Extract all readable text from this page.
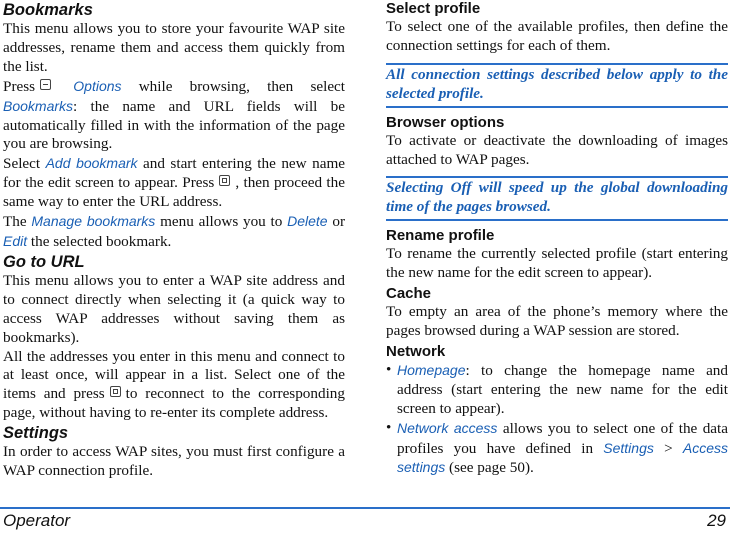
Bookmarks

This menu allows you to store your favourite WAP site addresses, rename them and access them quickly from the list.

Press	Options while browsing, then select Bookmarks: the name and URL fields will be automatically filled in with the information of the page you are browsing.

Select Add bookmark and start entering the new name for the edit screen to appear. Press , then proceed the same way to enter the URL address.

The Manage bookmarks menu allows you to Delete or Edit the selected bookmark.

Go to URL

This menu allows you to enter a WAP site address and to connect directly when selecting it (a quick way to access WAP addresses without saving them as bookmarks).

All the addresses you enter in this menu and connect to at least once, will appear in a list. Select one of the items and press to reconnect to the corresponding page, without having to re-enter its complete address.

Settings

In order to access WAP sites, you must first configure a WAP connection profile.

Select profile

To select one of the available profiles, then define the connection settings for each of them.

All connection settings described below apply to the selected profile.
Browser options

To activate or deactivate the downloading of images attached to WAP pages.

Selecting Off will speed up the global downloading time of the pages browsed.
Rename profile

To rename the currently selected profile (start entering the new name for the edit screen to appear).

Cache

To empty an area of the phone’s memory where the pages browsed during a WAP session are stored.

Network

• Homepage: to change the homepage name and address (start entering the new name for the edit screen to appear).

• Network access allows you to select one of the data profiles you have defined in Settings > Access settings (see page 50).

Operator	29
